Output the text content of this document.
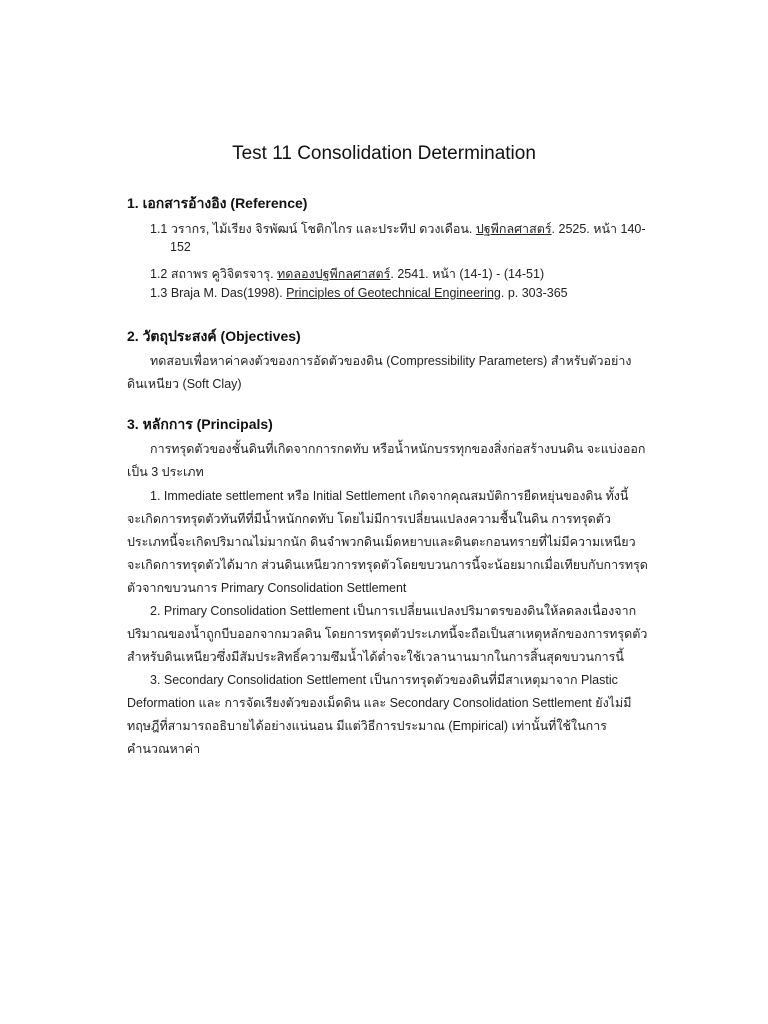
Test 11 Consolidation Determination
1. เอกสารอ้างอิง (Reference)
1.1 วรากร, ไม้เรียง จิรพัฒน์ โชติกไกร และประทีป ดวงเดือน. ปฐพีกลศาสตร์. 2525. หน้า 140-
152
1.2 สถาพร คูวิจิตรจารุ. ทดลองปฐพีกลศาสตร์. 2541. หน้า (14-1) - (14-51)
1.3 Braja M. Das(1998). Principles of Geotechnical Engineering. p. 303-365
2. วัตถุประสงค์ (Objectives)
ทดสอบเพื่อหาค่าคงตัวของการอัดตัวของดิน (Compressibility Parameters) สำหรับตัวอย่าง
ดินเหนียว (Soft Clay)
3. หลักการ (Principals)
การทรุดตัวของชั้นดินที่เกิดจากการกดทับ หรือน้ำหนักบรรทุกของสิ่งก่อสร้างบนดิน จะแบ่งออก
เป็น 3 ประเภท
1. Immediate settlement หรือ Initial Settlement เกิดจากคุณสมบัติการยืดหยุ่นของดิน ทั้งนี้
จะเกิดการทรุดตัวทันทีที่มีน้ำหนักกดทับ โดยไม่มีการเปลี่ยนแปลงความชื้นในดิน การทรุดตัว
ประเภทนี้จะเกิดปริมาณไม่มากนัก ดินจำพวกดินเม็ดหยาบและดินตะกอนทรายที่ไม่มีความเหนียว
จะเกิดการทรุดตัวได้มาก ส่วนดินเหนียวการทรุดตัวโดยขบวนการนี้จะน้อยมากเมื่อเทียบกับการทรุด
ตัวจากขบวนการ Primary Consolidation Settlement
2. Primary Consolidation Settlement เป็นการเปลี่ยนแปลงปริมาตรของดินให้ลดลงเนื่องจาก
ปริมาณของน้ำถูกบีบออกจากมวลดิน โดยการทรุดตัวประเภทนี้จะถือเป็นสาเหตุหลักของการทรุดตัว
สำหรับดินเหนียวซึ่งมีสัมประสิทธิ์ความซึมน้ำได้ต่ำจะใช้เวลานานมากในการสิ้นสุดขบวนการนี้
3. Secondary Consolidation Settlement เป็นการทรุดตัวของดินที่มีสาเหตุมาจาก Plastic
Deformation และ การจัดเรียงตัวของเม็ดดิน และ Secondary Consolidation Settlement ยังไม่มี
ทฤษฎีที่สามารถอธิบายได้อย่างแน่นอน มีแต่วิธีการประมาณ (Empirical) เท่านั้นที่ใช้ในการ
คำนวณหาค่า
